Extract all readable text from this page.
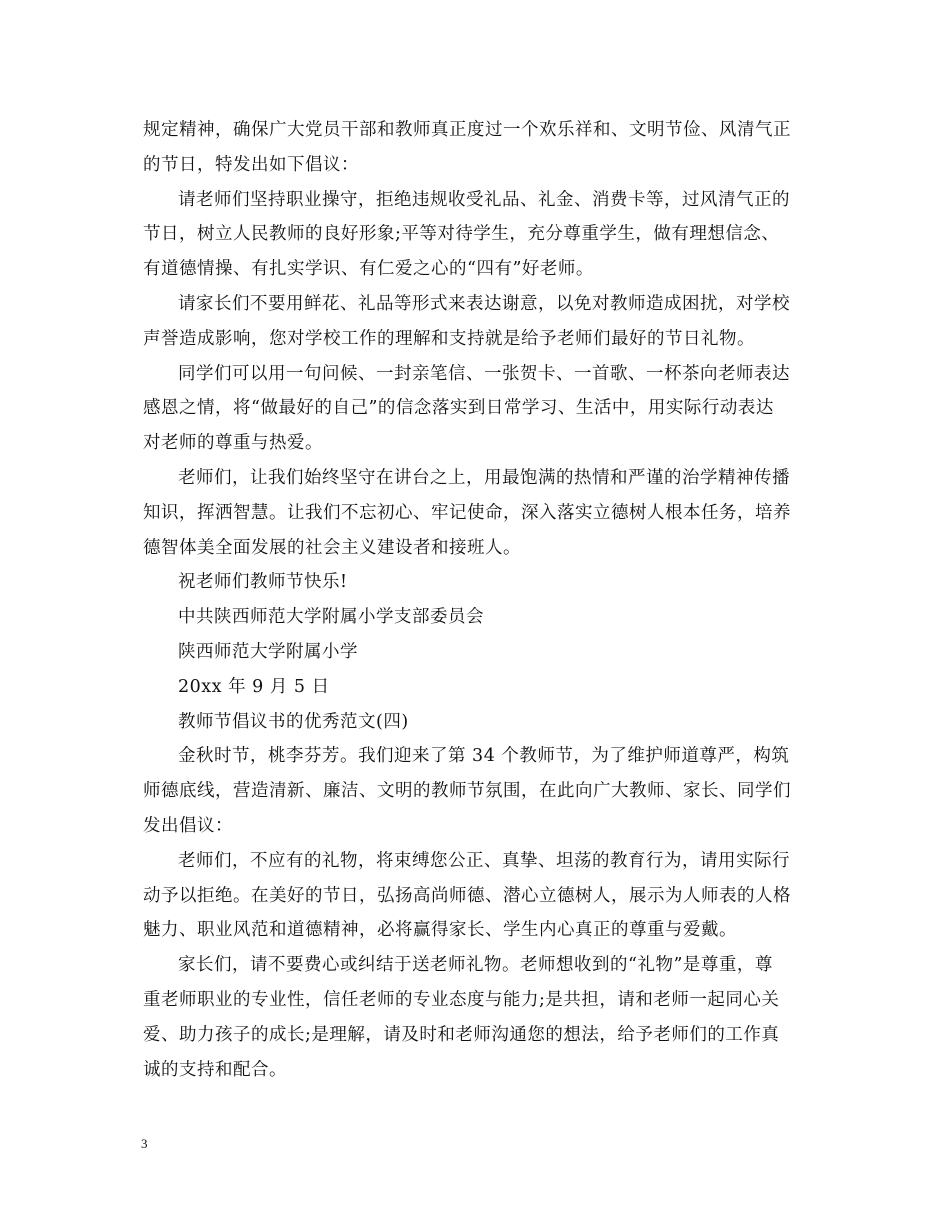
规定精神，确保广大党员干部和教师真正度过一个欢乐祥和、文明节俭、风清气正
的节日，特发出如下倡议：

请老师们坚持职业操守，拒绝违规收受礼品、礼金、消费卡等，过风清气正的
节日，树立人民教师的良好形象;平等对待学生，充分尊重学生，做有理想信念、
有道德情操、有扎实学识、有仁爱之心的“四有”好老师。

请家长们不要用鲜花、礼品等形式来表达谢意，以免对教师造成困扰，对学校
声誉造成影响，您对学校工作的理解和支持就是给予老师们最好的节日礼物。

同学们可以用一句问候、一封亲笔信、一张贺卡、一首歌、一杯茶向老师表达
感恩之情，将“做最好的自己”的信念落实到日常学习、生活中，用实际行动表达
对老师的尊重与热爱。

老师们，让我们始终坚守在讲台之上，用最饱满的热情和严谨的治学精神传播
知识，挥洒智慧。让我们不忘初心、牢记使命，深入落实立德树人根本任务，培养
德智体美全面发展的社会主义建设者和接班人。

祝老师们教师节快乐!

中共陕西师范大学附属小学支部委员会

陕西师范大学附属小学

20xx 年 9 月 5 日

教师节倡议书的优秀范文(四)

金秋时节，桃李芬芳。我们迎来了第 34 个教师节，为了维护师道尊严，构筑
师德底线，营造清新、廉洁、文明的教师节氛围，在此向广大教师、家长、同学们
发出倡议：

老师们，不应有的礼物，将束缚您公正、真挚、坦荡的教育行为，请用实际行
动予以拒绝。在美好的节日，弘扬高尚师德、潜心立德树人，展示为人师表的人格
魅力、职业风范和道德精神，必将赢得家长、学生内心真正的尊重与爱戴。

家长们，请不要费心或纠结于送老师礼物。老师想收到的“礼物”是尊重，尊
重老师职业的专业性，信任老师的专业态度与能力;是共担，请和老师一起同心关
爱、助力孩子的成长;是理解，请及时和老师沟通您的想法，给予老师们的工作真
诚的支持和配合。

3
